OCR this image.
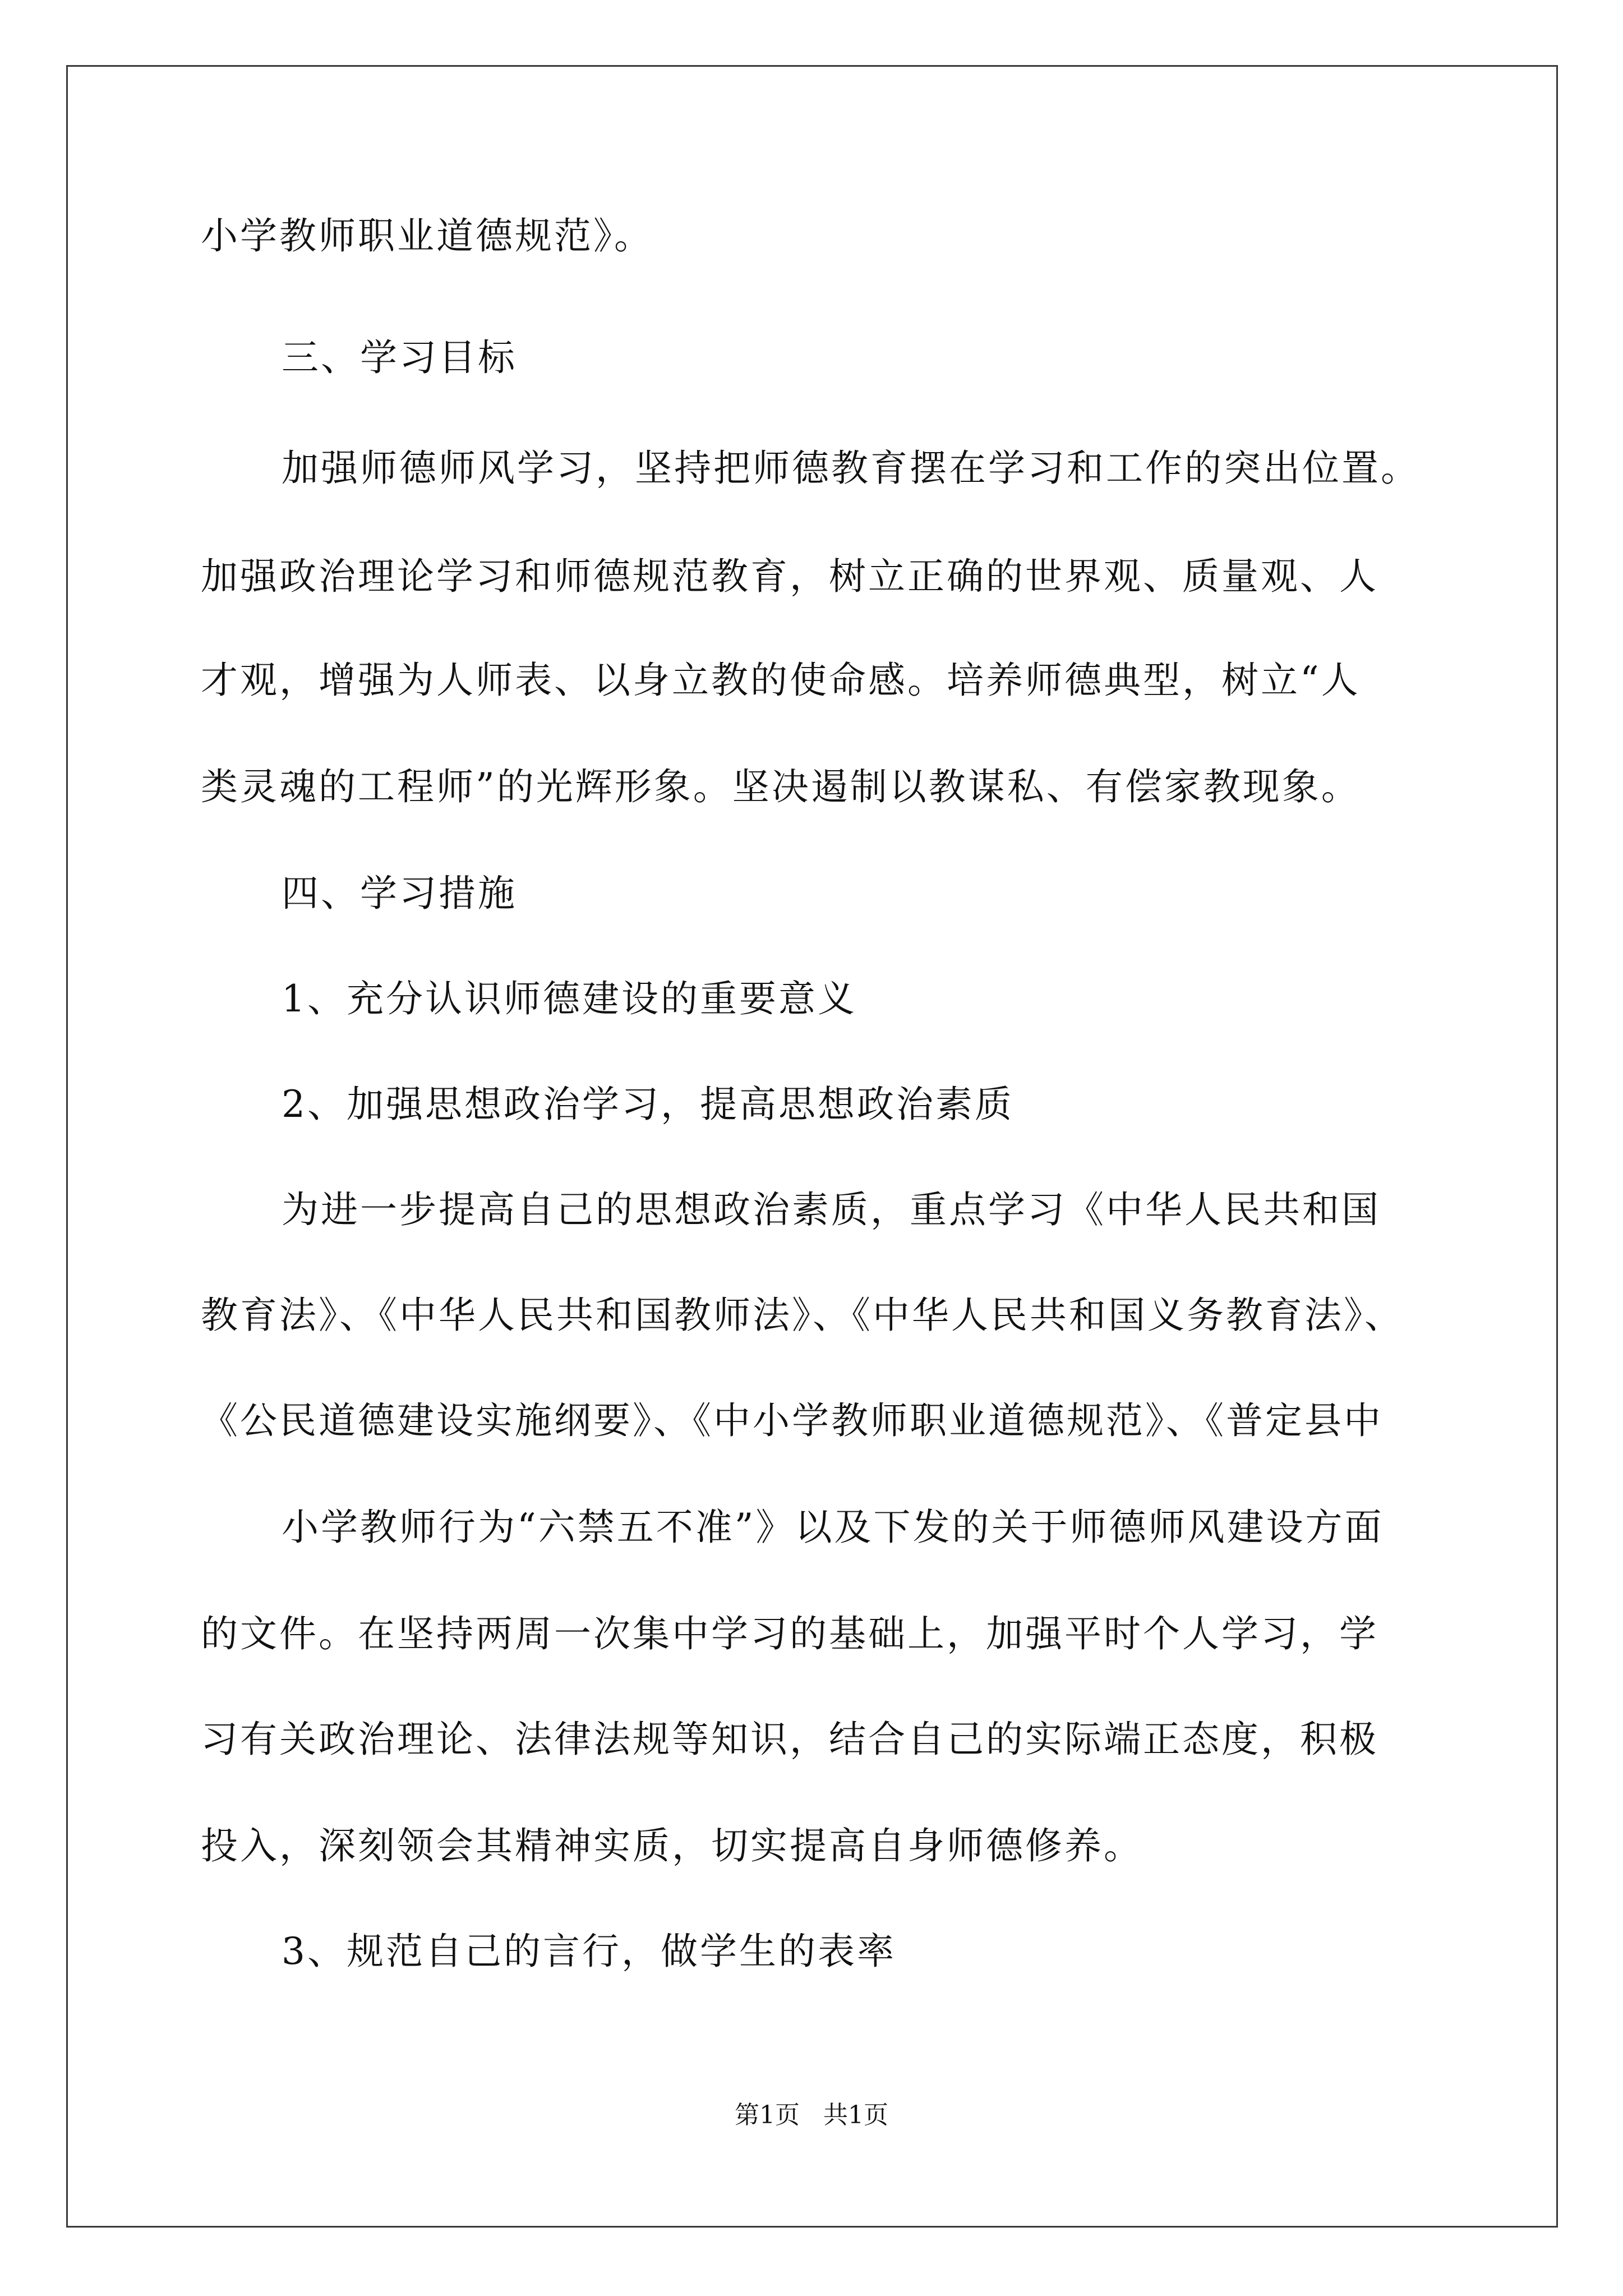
小学教师职业道德规范》。
三、学习目标
加强师德师风学习，坚持把师德教育摆在学习和工作的突出位置。
加强政治理论学习和师德规范教育，树立正确的世界观、质量观、人
才观，增强为人师表、以身立教的使命感。培养师德典型，树立“人
类灵魂的工程师”的光辉形象。坚决遏制以教谋私、有偿家教现象。
四、学习措施
1、充分认识师德建设的重要意义
2、加强思想政治学习，提高思想政治素质
为进一步提高自己的思想政治素质，重点学习《中华人民共和国
教育法》、《中华人民共和国教师法》、《中华人民共和国义务教育法》、
《公民道德建设实施纲要》、《中小学教师职业道德规范》、《普定县中
小学教师行为“六禁五不准”》以及下发的关于师德师风建设方面
的文件。在坚持两周一次集中学习的基础上，加强平时个人学习，学
习有关政治理论、法律法规等知识，结合自己的实际端正态度，积极
投入，深刻领会其精神实质，切实提高自身师德修养。
3、规范自己的言行，做学生的表率
第1页   共1页
